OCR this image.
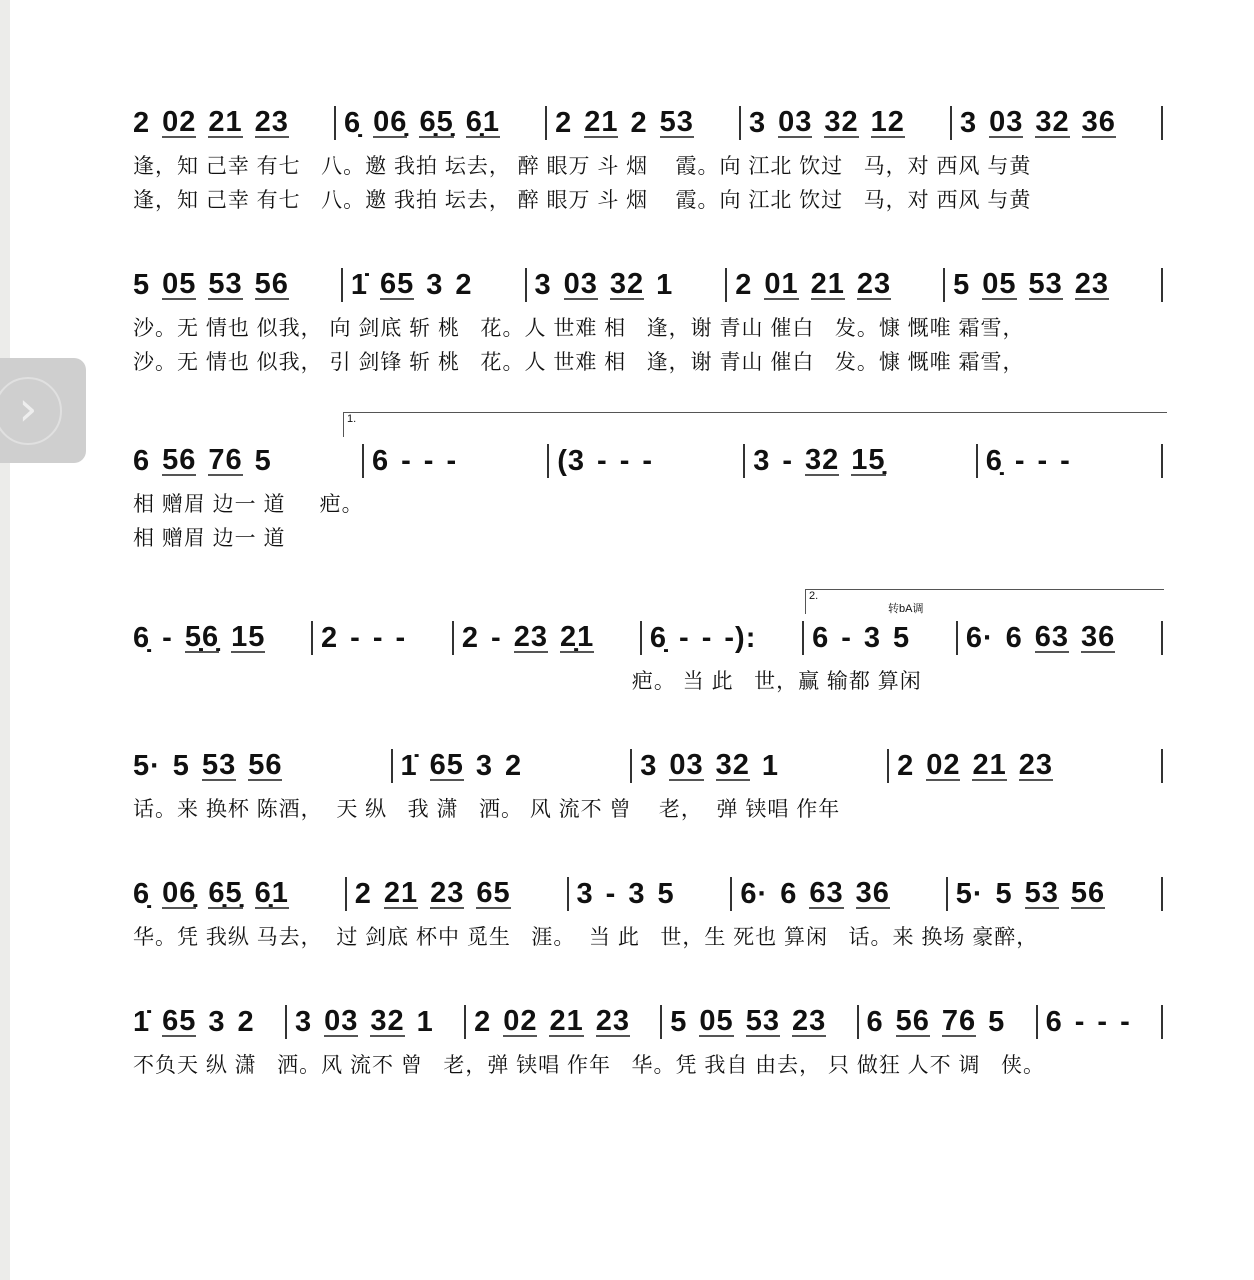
›
2 02 21 23 6̣ 06̣ 6̣5̣ 6̣1 2 21 2 53 3 03 32 12 3 03 32 36
逢，知 己幸 有七   八。邀 我拍 坛去， 醉 眼万 斗 烟    霞。向 江北 饮过   马，对 西风 与黄
逢，知 己幸 有七   八。邀 我拍 坛去， 醉 眼万 斗 烟    霞。向 江北 饮过   马，对 西风 与黄
5 05 53 56 1̇ 65 3 2 3 03 32 1 2 01 21 23 5 05 53 23
沙。无 情也 似我， 向 剑底 斩 桃   花。人 世难 相   逢，谢 青山 催白   发。慷 慨唯 霜雪，
沙。无 情也 似我， 引 剑锋 斩 桃   花。人 世难 相   逢，谢 青山 催白   发。慷 慨唯 霜雪，
6 56 76 5	6 - - -	(3 - - -	3 - 32 15̣	6̣ - - -
1.
相 赠眉 边一 道     疤。
相 赠眉 边一 道
6̣ - 5̣6̣ 15 2 - - - 2 - 23 2̣1 6̣ - - -): 6 - 3 5 6· 6 63 36
2.
转bA调
疤。 当 此   世，赢 输都 算闲
5· 5 53 56	1̇ 65 3 2	3 03 32 1	2 02 21 23
话。来 换杯 陈酒，  天 纵   我 潇   洒。 风 流不 曾    老，  弹 铗唱 作年
6̣ 06̣ 6̣5̣ 6̣1 2 21 23 65 3 - 3 5 6· 6 63 36 5· 5 53 56
华。凭 我纵 马去，  过 剑底 杯中 觅生   涯。  当 此   世，生 死也 算闲   话。来 换场 豪醉，
1̇ 65 3 2 3 03 32 1 2 02 21 23 5 05 53 23 6 56 76 5 6 - - -
不负天 纵 潇   洒。风 流不 曾   老，弹 铗唱 作年   华。凭 我自 由去， 只 做狂 人不 调   侠。
